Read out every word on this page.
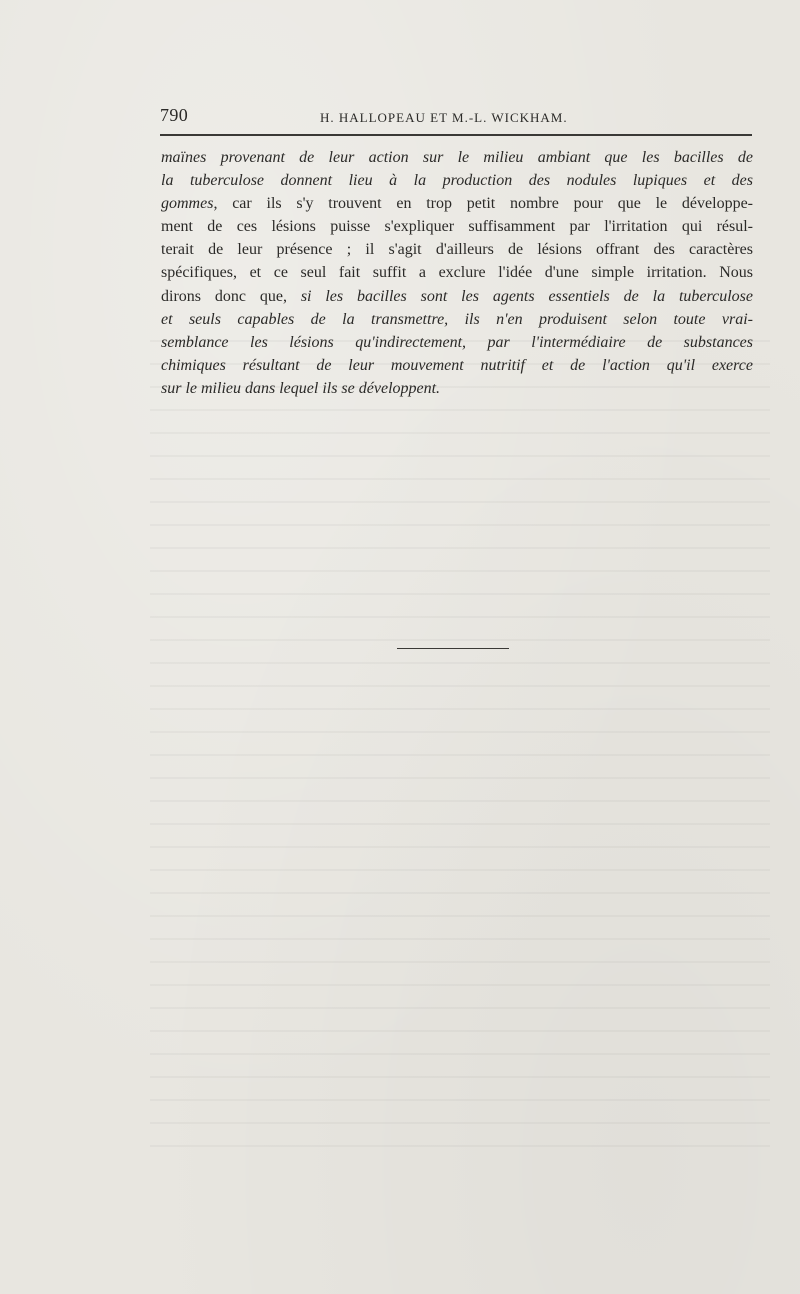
790	H. HALLOPEAU ET M.-L. WICKHAM.
maïnes provenant de leur action sur le milieu ambiant que les bacilles de
la tuberculose donnent lieu à la production des nodules lupiques et des
gommes, car ils s'y trouvent en trop petit nombre pour que le développe-
ment de ces lésions puisse s'expliquer suffisamment par l'irritation qui résul-
terait de leur présence ; il s'agit d'ailleurs de lésions offrant des caractères
spécifiques, et ce seul fait suffit a exclure l'idée d'une simple irritation. Nous
dirons donc que, si les bacilles sont les agents essentiels de la tuberculose
et seuls capables de la transmettre, ils n'en produisent selon toute vrai-
semblance les lésions qu'indirectement, par l'intermédiaire de substances
chimiques résultant de leur mouvement nutritif et de l'action qu'il exerce
sur le milieu dans lequel ils se développent.
